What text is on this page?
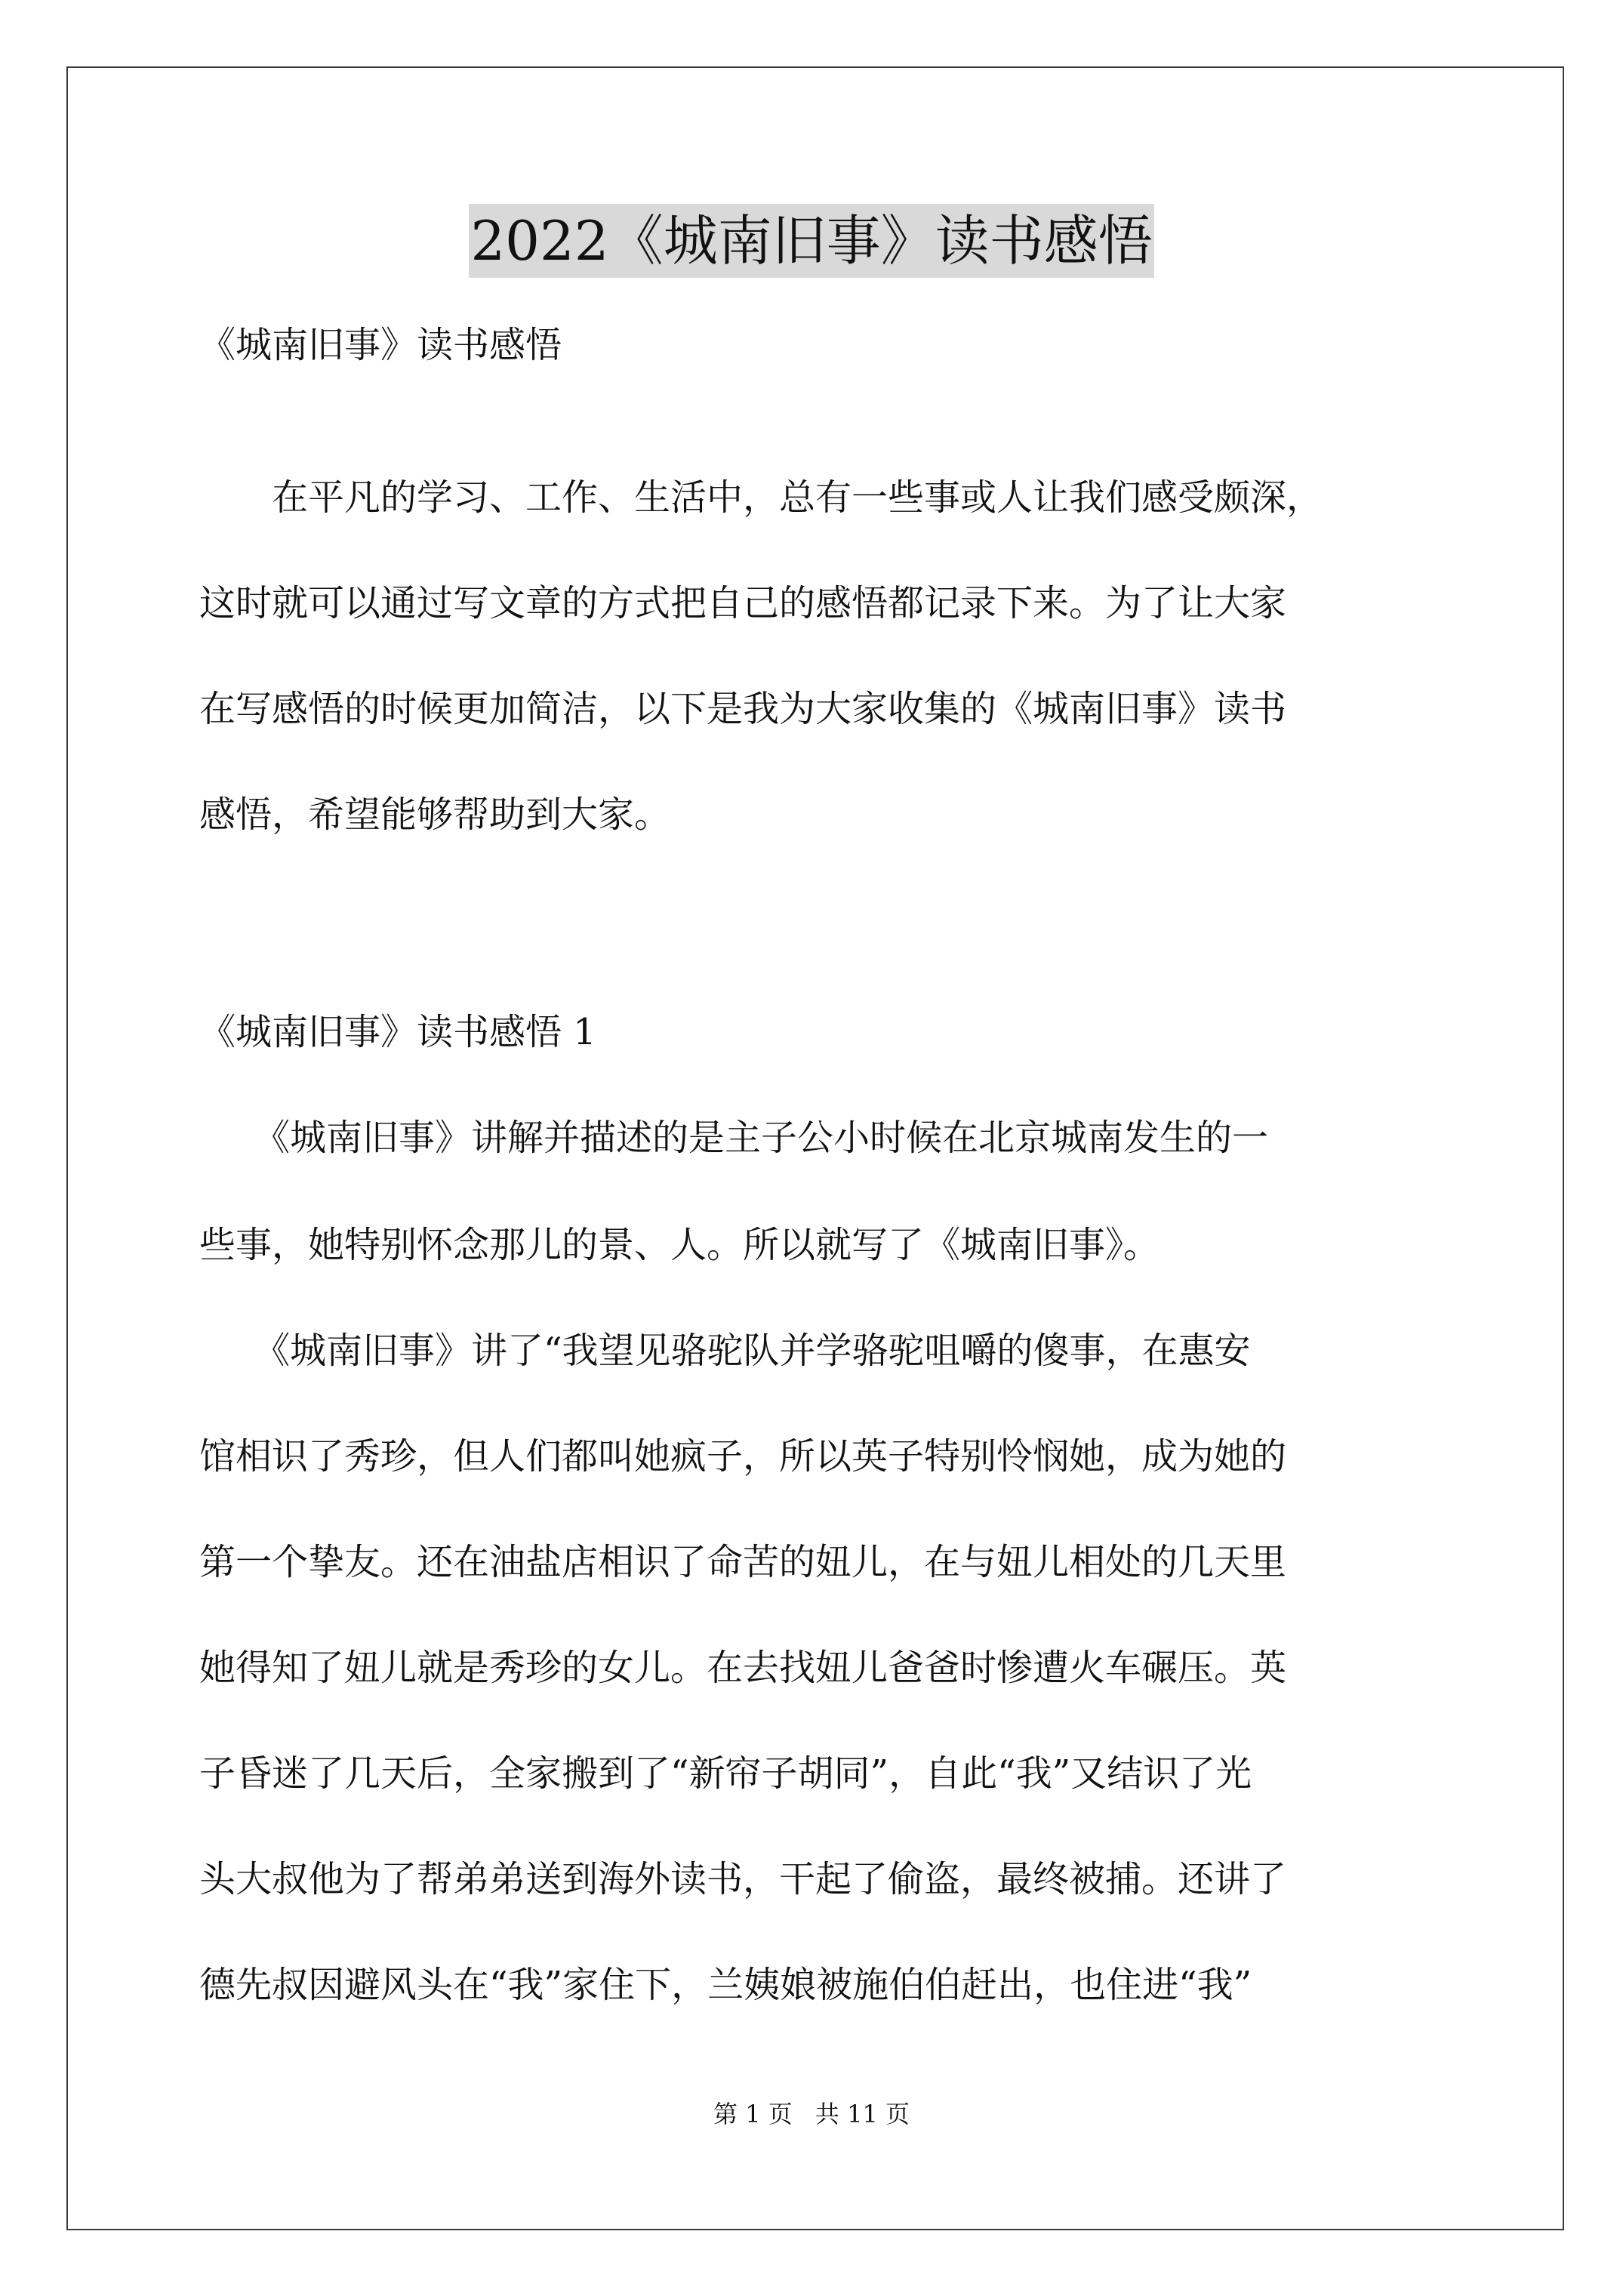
2022《城南旧事》读书感悟
《城南旧事》读书感悟
　　在平凡的学习、工作、生活中，总有一些事或人让我们感受颇深，
这时就可以通过写文章的方式把自己的感悟都记录下来。为了让大家
在写感悟的时候更加简洁，以下是我为大家收集的《城南旧事》读书
感悟，希望能够帮助到大家。
《城南旧事》读书感悟 1
　　《城南旧事》讲解并描述的是主子公小时候在北京城南发生的一
些事，她特别怀念那儿的景、人。所以就写了《城南旧事》。
　　《城南旧事》讲了“我望见骆驼队并学骆驼咀嚼的傻事，在惠安
馆相识了秀珍，但人们都叫她疯子，所以英子特别怜悯她，成为她的
第一个挚友。还在油盐店相识了命苦的妞儿，在与妞儿相处的几天里
她得知了妞儿就是秀珍的女儿。在去找妞儿爸爸时惨遭火车碾压。英
子昏迷了几天后，全家搬到了“新帘子胡同”，自此“我”又结识了光
头大叔他为了帮弟弟送到海外读书，干起了偷盗，最终被捕。还讲了
德先叔因避风头在“我”家住下，兰姨娘被施伯伯赶出，也住进“我”
第 1 页 共 11 页
